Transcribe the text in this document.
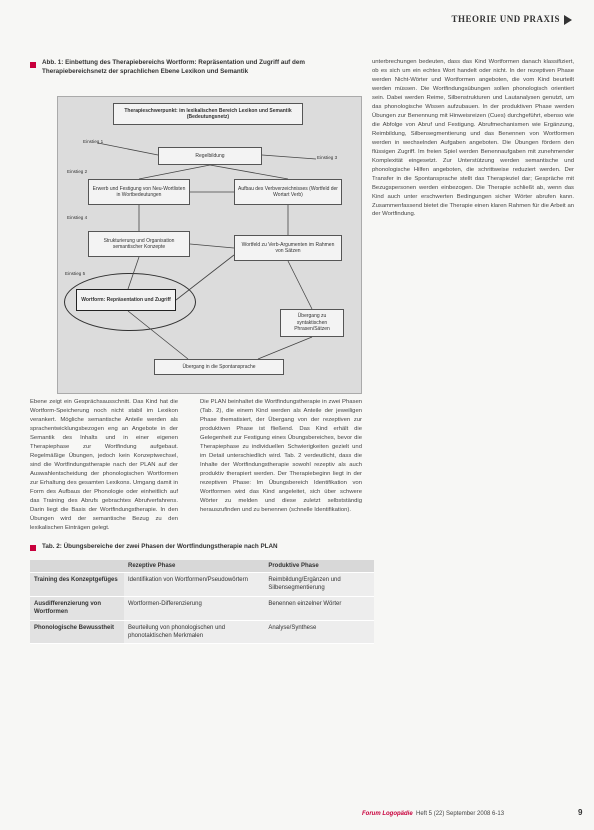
THEORIE UND PRAXIS
Abb. 1: Einbettung des Therapiebereichs Wortform: Repräsentation und Zugriff auf dem Therapiebereichsnetz der sprachlichen Ebene Lexikon und Semantik
Therapieschwerpunkt: im lexikalischen Bereich Lexikon und Semantik (Bedeutungsnetz)
Einstieg 1
Einstieg 2
Einstieg 3
Einstieg 4
Einstieg 5
Regelbildung
Erwerb und Festigung von Neu-Wortlisten in Wortbedeutungen
Aufbau des Verbverzeichnisses (Wortfeld der Wortart Verb)
Strukturierung und Organisation semantischer Konzepte	Wortfeld zu Verb-Argumenten im Rahmen von Sätzen
Wortform: Repräsentation und Zugriff
Übergang zu syntaktischen Phrasen/Sätzen
Übergang in die Spontansprache

unterbrechungen bedeuten, dass das Kind Wortformen danach klassifiziert, ob es sich um ein echtes Wort handelt oder nicht. In der rezeptiven Phase werden Nicht-Wörter und Wortformen angeboten, die vom Kind beurteilt werden müssen. Die Wortfindungsübungen sollen phonologisch orientiert sein. Dabei werden Reime, Silbenstrukturen und Lautanalysen genutzt, um das phonologische Wissen aufzubauen. In der produktiven Phase werden Übungen zur Benennung mit Hinweisreizen (Cues) durchgeführt, ebenso wie die Abfolge von Abruf und Festigung. Abrufmechanismen wie Ergänzung, Reimbildung, Silbensegmentierung und das Benennen von Wortformen werden in wechselnden Aufgaben angeboten. Die Übungen fördern den flüssigen Zugriff. Im freien Spiel werden Benennaufgaben mit zunehmender Komplexität eingesetzt. Zur Unterstützung werden semantische und phonologische Hilfen angeboten, die schrittweise reduziert werden. Der Transfer in die Spontansprache stellt das Therapieziel dar; Gespräche mit Bezugspersonen werden einbezogen. Die Therapie schließt ab, wenn das Kind auch unter erschwerten Bedingungen sicher Wörter abrufen kann. Zusammenfassend bietet die Therapie einen klaren Rahmen für die Arbeit an der Wortfindung.

Ebene zeigt ein Gesprächsausschnitt. Das Kind hat die Wortform-Speicherung noch nicht stabil im Lexikon verankert. Mögliche semantische Anteile werden als sprachentwicklungsbezogen eng an Angebote in der Semantik des Inhalts und in einer eigenen Therapiephase zur Wortfindung aufgebaut. Regelmäßige Übungen, jedoch kein Konzeptwechsel, sind die Wortfindungstherapie nach der PLAN auf der Auswahlentscheidung der phonologischen Wortformen zur Erhaltung des gesamten Lexikons. Umgang damit in Form des Aufbaus der Phonologie oder einheitlich auf das Training des Abrufs gebrachtes Abrufverfahrens. Darin liegt die Basis der Wortfindungstherapie. In den Übungen wird der semantische Bezug zu den lexikalischen Einträgen gelegt.

Die PLAN beinhaltet die Wortfindungstherapie in zwei Phasen (Tab. 2), die einem Kind werden als Anteile der jeweiligen Phase thematisiert, der Übergang von der rezeptiven zur produktiven Phase ist fließend. Das Kind erhält die Gelegenheit zur Festigung eines Übungsbereiches, bevor die Therapiephase zu individuellen Schwierigkeiten gezielt und im Detail unterschiedlich wird. Tab. 2 verdeutlicht, dass die Inhalte der Wortfindungstherapie sowohl rezeptiv als auch produktiv therapiert werden. Der Therapiebeginn liegt in der rezeptiven Phase: Im Übungsbereich Identifikation von Wortformen wird das Kind angeleitet, sich über schwere Wörter zu melden und diese zuletzt selbstständig herauszufinden und zu benennen (schnelle Identifikation).

Tab. 2: Übungsbereiche der zwei Phasen der Wortfindungstherapie nach PLAN
	Rezeptive Phase	Produktive Phase
Training des Konzeptgefüges	Identifikation von Wortformen/Pseudowörtern	Reimbildung/Ergänzen und Silbensegmentierung
Ausdifferenzierung von Wortformen	Wortformen-Differenzierung	Benennen einzelner Wörter
Phonologische Bewusstheit	Beurteilung von phonologischen und phonotaktischen Merkmalen	Analyse/Synthese
Forum Logopädie Heft 5 (22) September 2008 6-13	9
